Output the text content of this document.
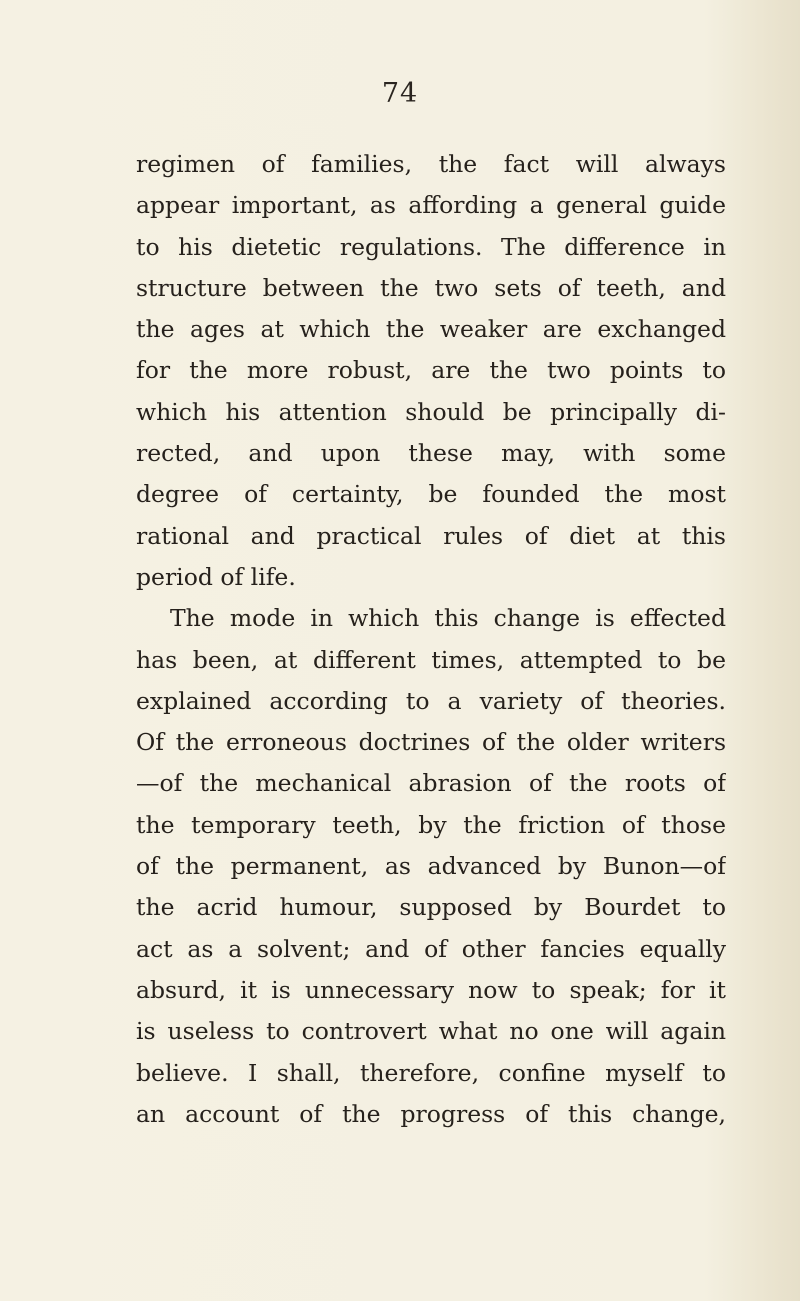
74
regimen of families, the fact will always
appear important, as affording a general guide
to his dietetic regulations. The difference in
structure between the two sets of teeth, and
the ages at which the weaker are exchanged
for the more robust, are the two points to
which his attention should be principally di-
rected, and upon these may, with some
degree of certainty, be founded the most
rational and practical rules of diet at this
period of life.
The mode in which this change is effected
has been, at different times, attempted to be
explained according to a variety of theories.
Of the erroneous doctrines of the older writers
—of the mechanical abrasion of the roots of
the temporary teeth, by the friction of those
of the permanent, as advanced by Bunon—of
the acrid humour, supposed by Bourdet to
act as a solvent; and of other fancies equally
absurd, it is unnecessary now to speak; for it
is useless to controvert what no one will again
believe. I shall, therefore, confine myself to
an account of the progress of this change,
